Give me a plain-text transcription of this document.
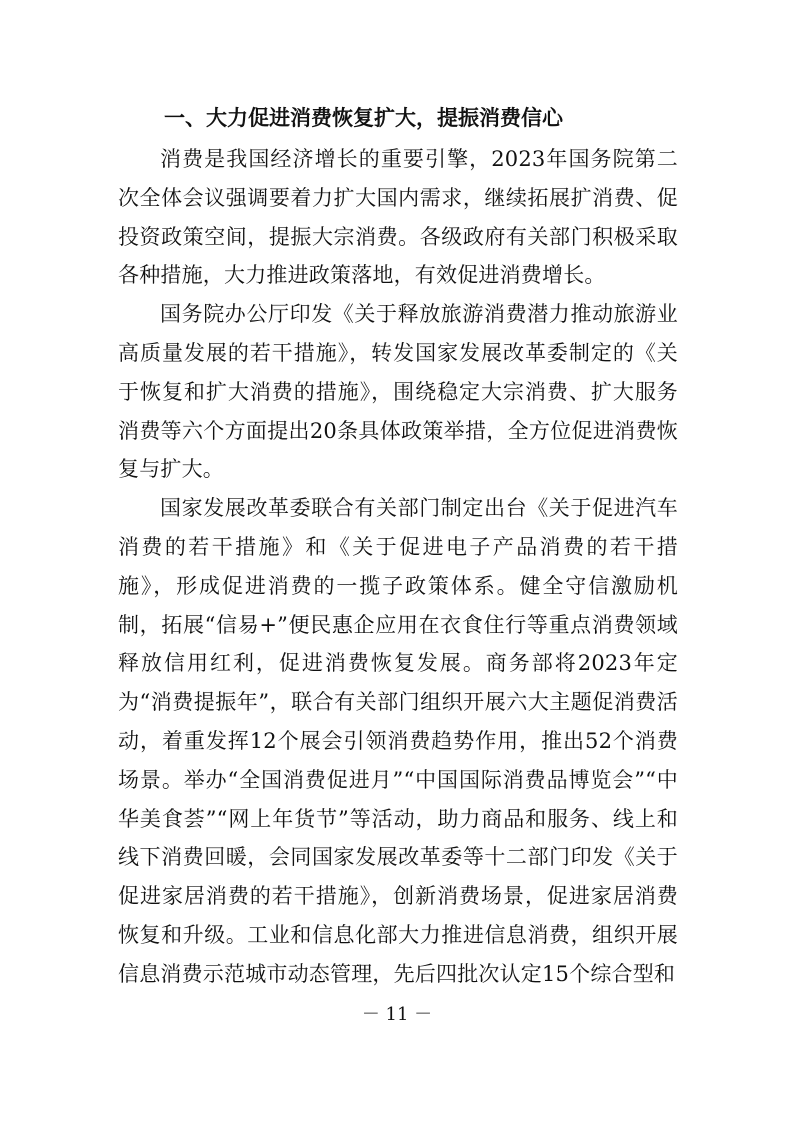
一、大力促进消费恢复扩大，提振消费信心

消费是我国经济增长的重要引擎，2023年国务院第二次全体会议强调要着力扩大国内需求，继续拓展扩消费、促投资政策空间，提振大宗消费。各级政府有关部门积极采取各种措施，大力推进政策落地，有效促进消费增长。

国务院办公厅印发《关于释放旅游消费潜力推动旅游业高质量发展的若干措施》，转发国家发展改革委制定的《关于恢复和扩大消费的措施》，围绕稳定大宗消费、扩大服务消费等六个方面提出20条具体政策举措，全方位促进消费恢复与扩大。

国家发展改革委联合有关部门制定出台《关于促进汽车消费的若干措施》和《关于促进电子产品消费的若干措施》，形成促进消费的一揽子政策体系。健全守信激励机制，拓展“信易+”便民惠企应用在衣食住行等重点消费领域释放信用红利，促进消费恢复发展。商务部将2023年定为“消费提振年”，联合有关部门组织开展六大主题促消费活动，着重发挥12个展会引领消费趋势作用，推出52个消费场景。举办“全国消费促进月”“中国国际消费品博览会”“中华美食荟”“网上年货节”等活动，助力商品和服务、线上和线下消费回暖，会同国家发展改革委等十二部门印发《关于促进家居消费的若干措施》，创新消费场景，促进家居消费恢复和升级。工业和信息化部大力推进信息消费，组织开展信息消费示范城市动态管理，先后四批次认定15个综合型和

－ 11 －
